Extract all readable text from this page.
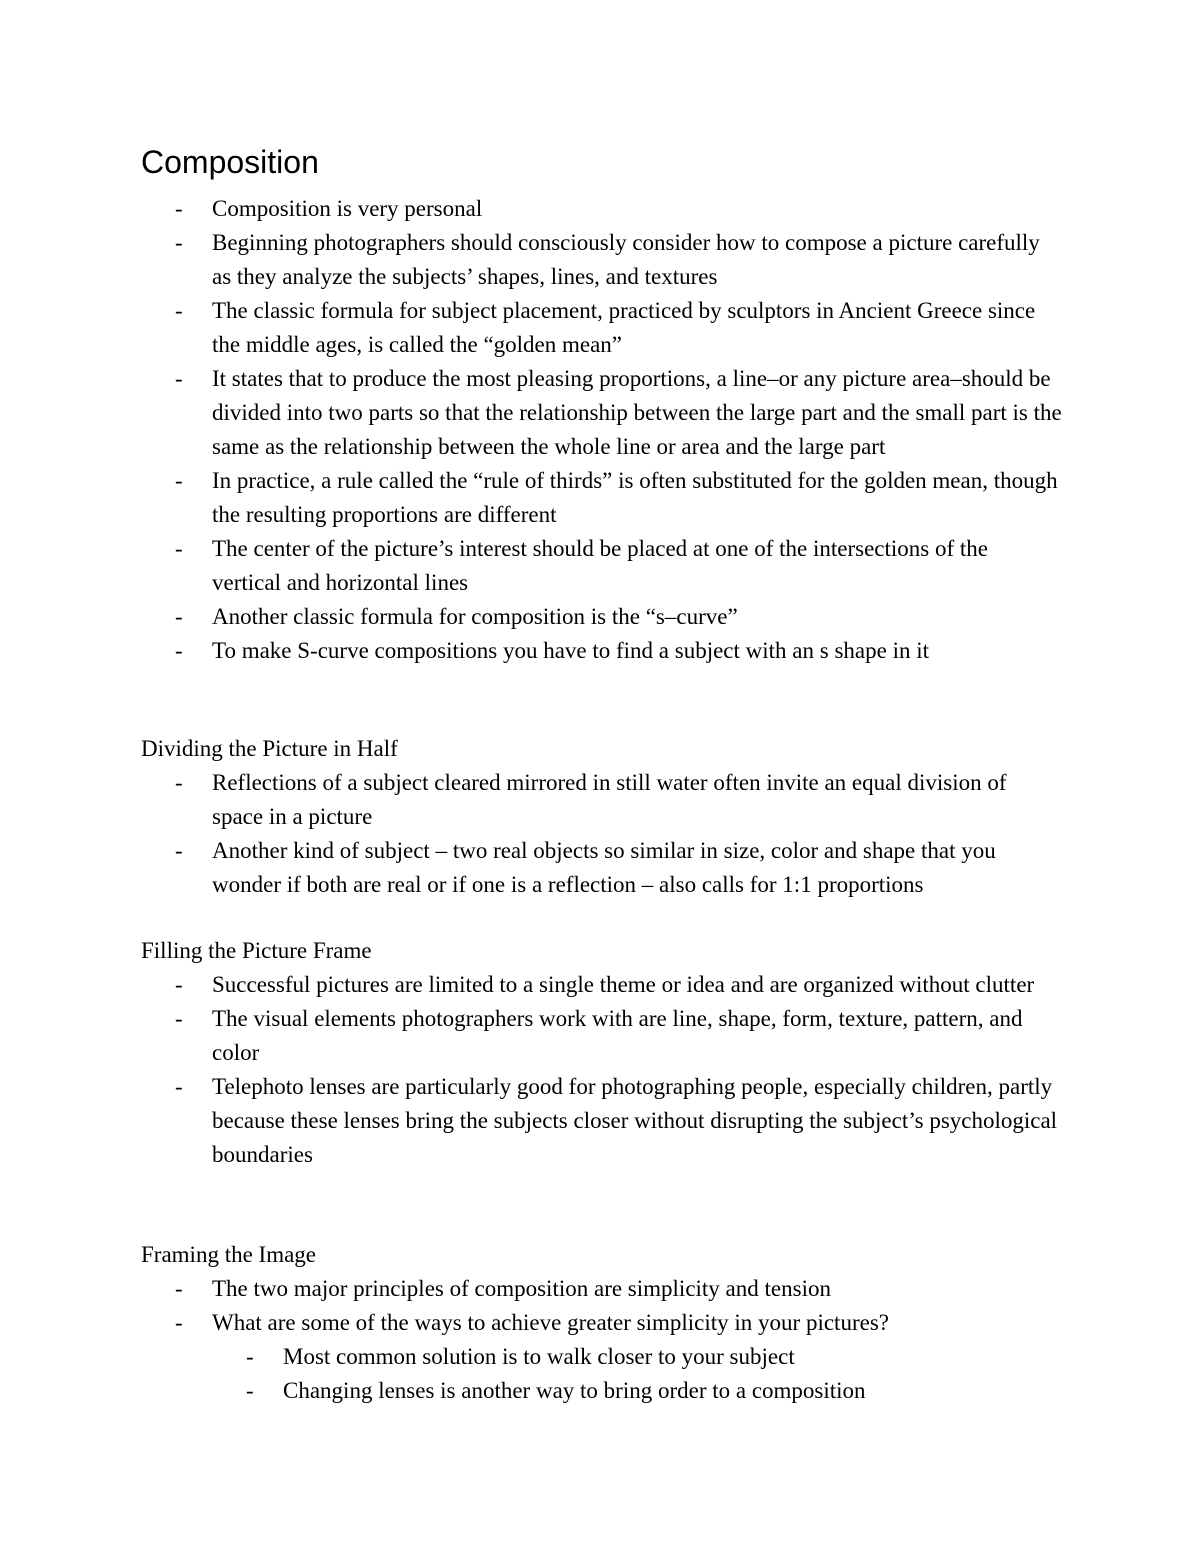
Composition
- Composition is very personal
- Beginning photographers should consciously consider how to compose a picture carefully as they analyze the subjects’ shapes, lines, and textures
- The classic formula for subject placement, practiced by sculptors in Ancient Greece since the middle ages, is called the “golden mean”
- It states that to produce the most pleasing proportions, a line–or any picture area–should be divided into two parts so that the relationship between the large part and the small part is the same as the relationship between the whole line or area and the large part
- In practice, a rule called the “rule of thirds” is often substituted for the golden mean, though the resulting proportions are different
- The center of the picture’s interest should be placed at one of the intersections of the vertical and horizontal lines
- Another classic formula for composition is the “s–curve”
- To make S-curve compositions you have to find a subject with an s shape in it
Dividing the Picture in Half
- Reflections of a subject cleared mirrored in still water often invite an equal division of space in a picture
- Another kind of subject – two real objects so similar in size, color and shape that you wonder if both are real or if one is a reflection – also calls for 1:1 proportions
Filling the Picture Frame
- Successful pictures are limited to a single theme or idea and are organized without clutter
- The visual elements photographers work with are line, shape, form, texture, pattern, and color
- Telephoto lenses are particularly good for photographing people, especially children, partly because these lenses bring the subjects closer without disrupting the subject’s psychological boundaries
Framing the Image
- The two major principles of composition are simplicity and tension
- What are some of the ways to achieve greater simplicity in your pictures?
- Most common solution is to walk closer to your subject
- Changing lenses is another way to bring order to a composition
